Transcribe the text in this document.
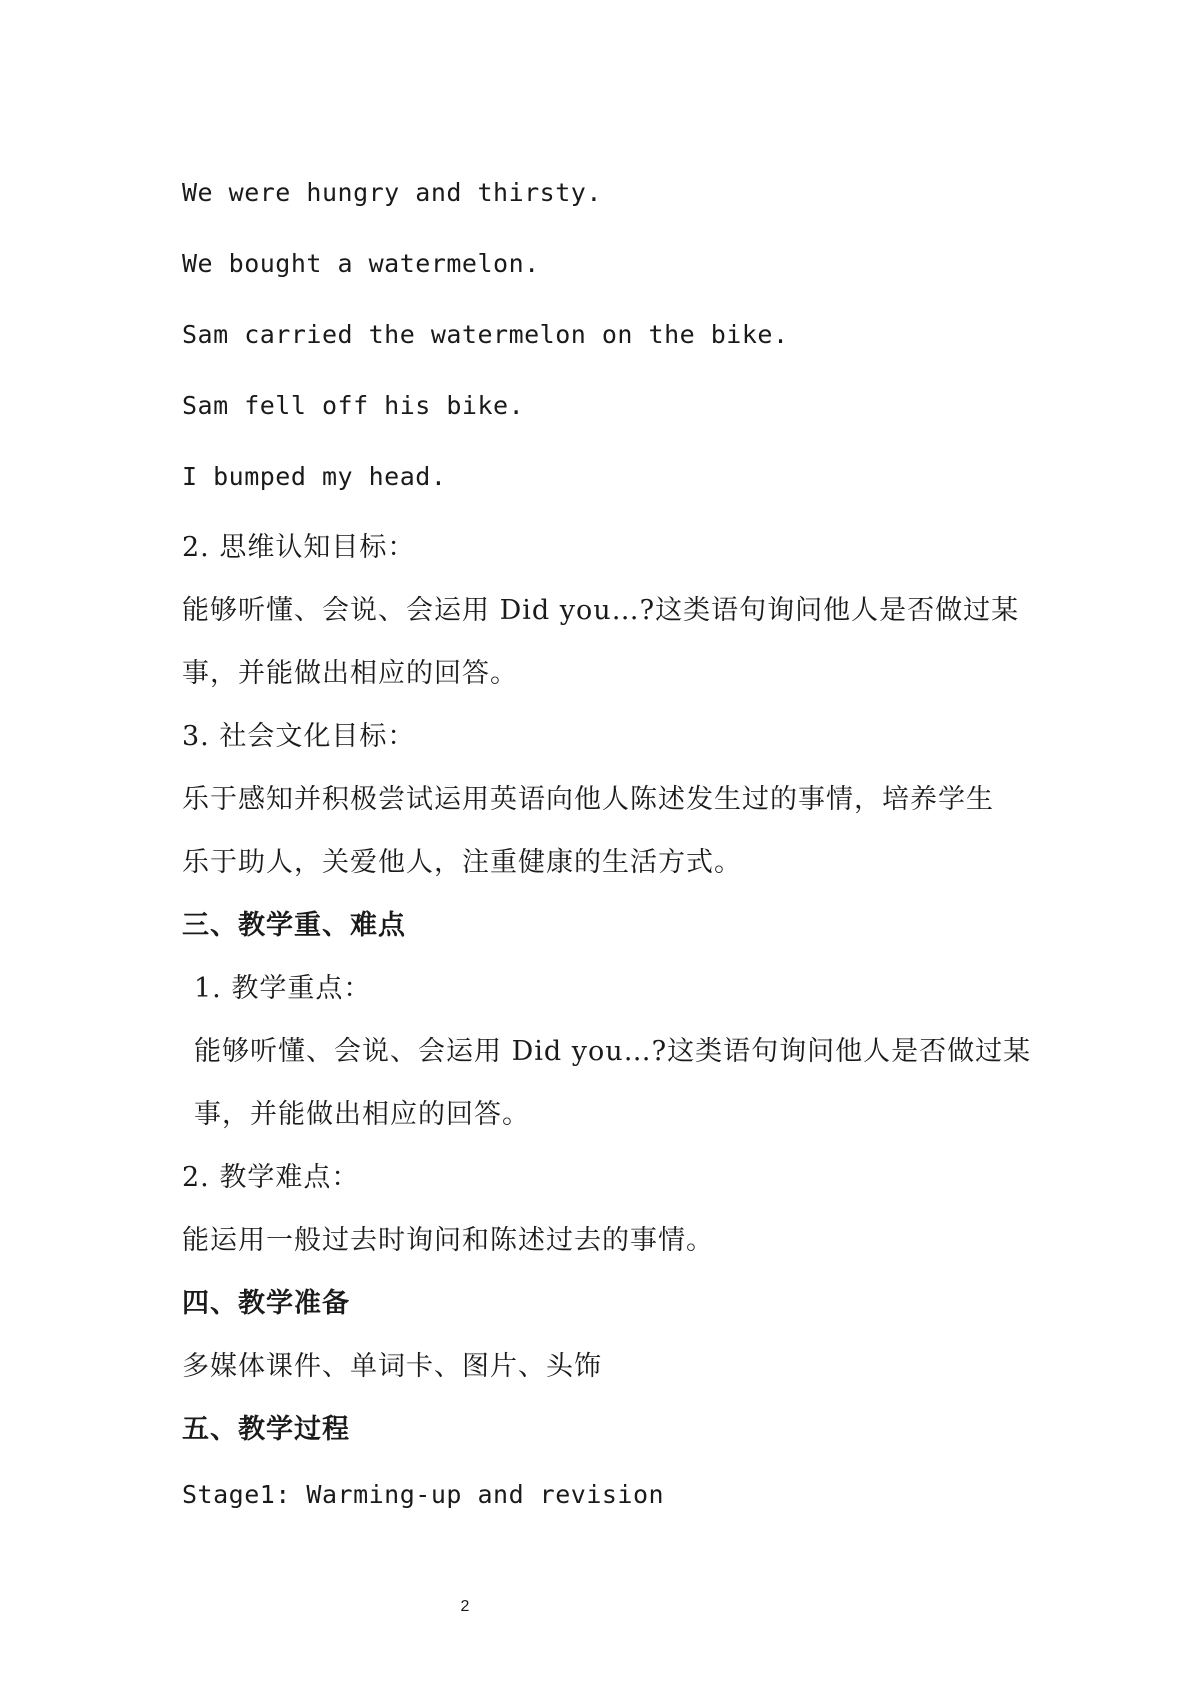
We were hungry and thirsty.
We bought a watermelon.
Sam carried the watermelon on the bike.
Sam fell off his bike.
I bumped my head.
2. 思维认知目标：
能够听懂、会说、会运用 Did you…?这类语句询问他人是否做过某
事，并能做出相应的回答。
3. 社会文化目标：
乐于感知并积极尝试运用英语向他人陈述发生过的事情，培养学生
乐于助人，关爱他人，注重健康的生活方式。
三、教学重、难点
1. 教学重点：
能够听懂、会说、会运用 Did you…?这类语句询问他人是否做过某
事，并能做出相应的回答。
2. 教学难点：
能运用一般过去时询问和陈述过去的事情。
四、教学准备
多媒体课件、单词卡、图片、头饰
五、教学过程
Stage1: Warming-up and revision
2
